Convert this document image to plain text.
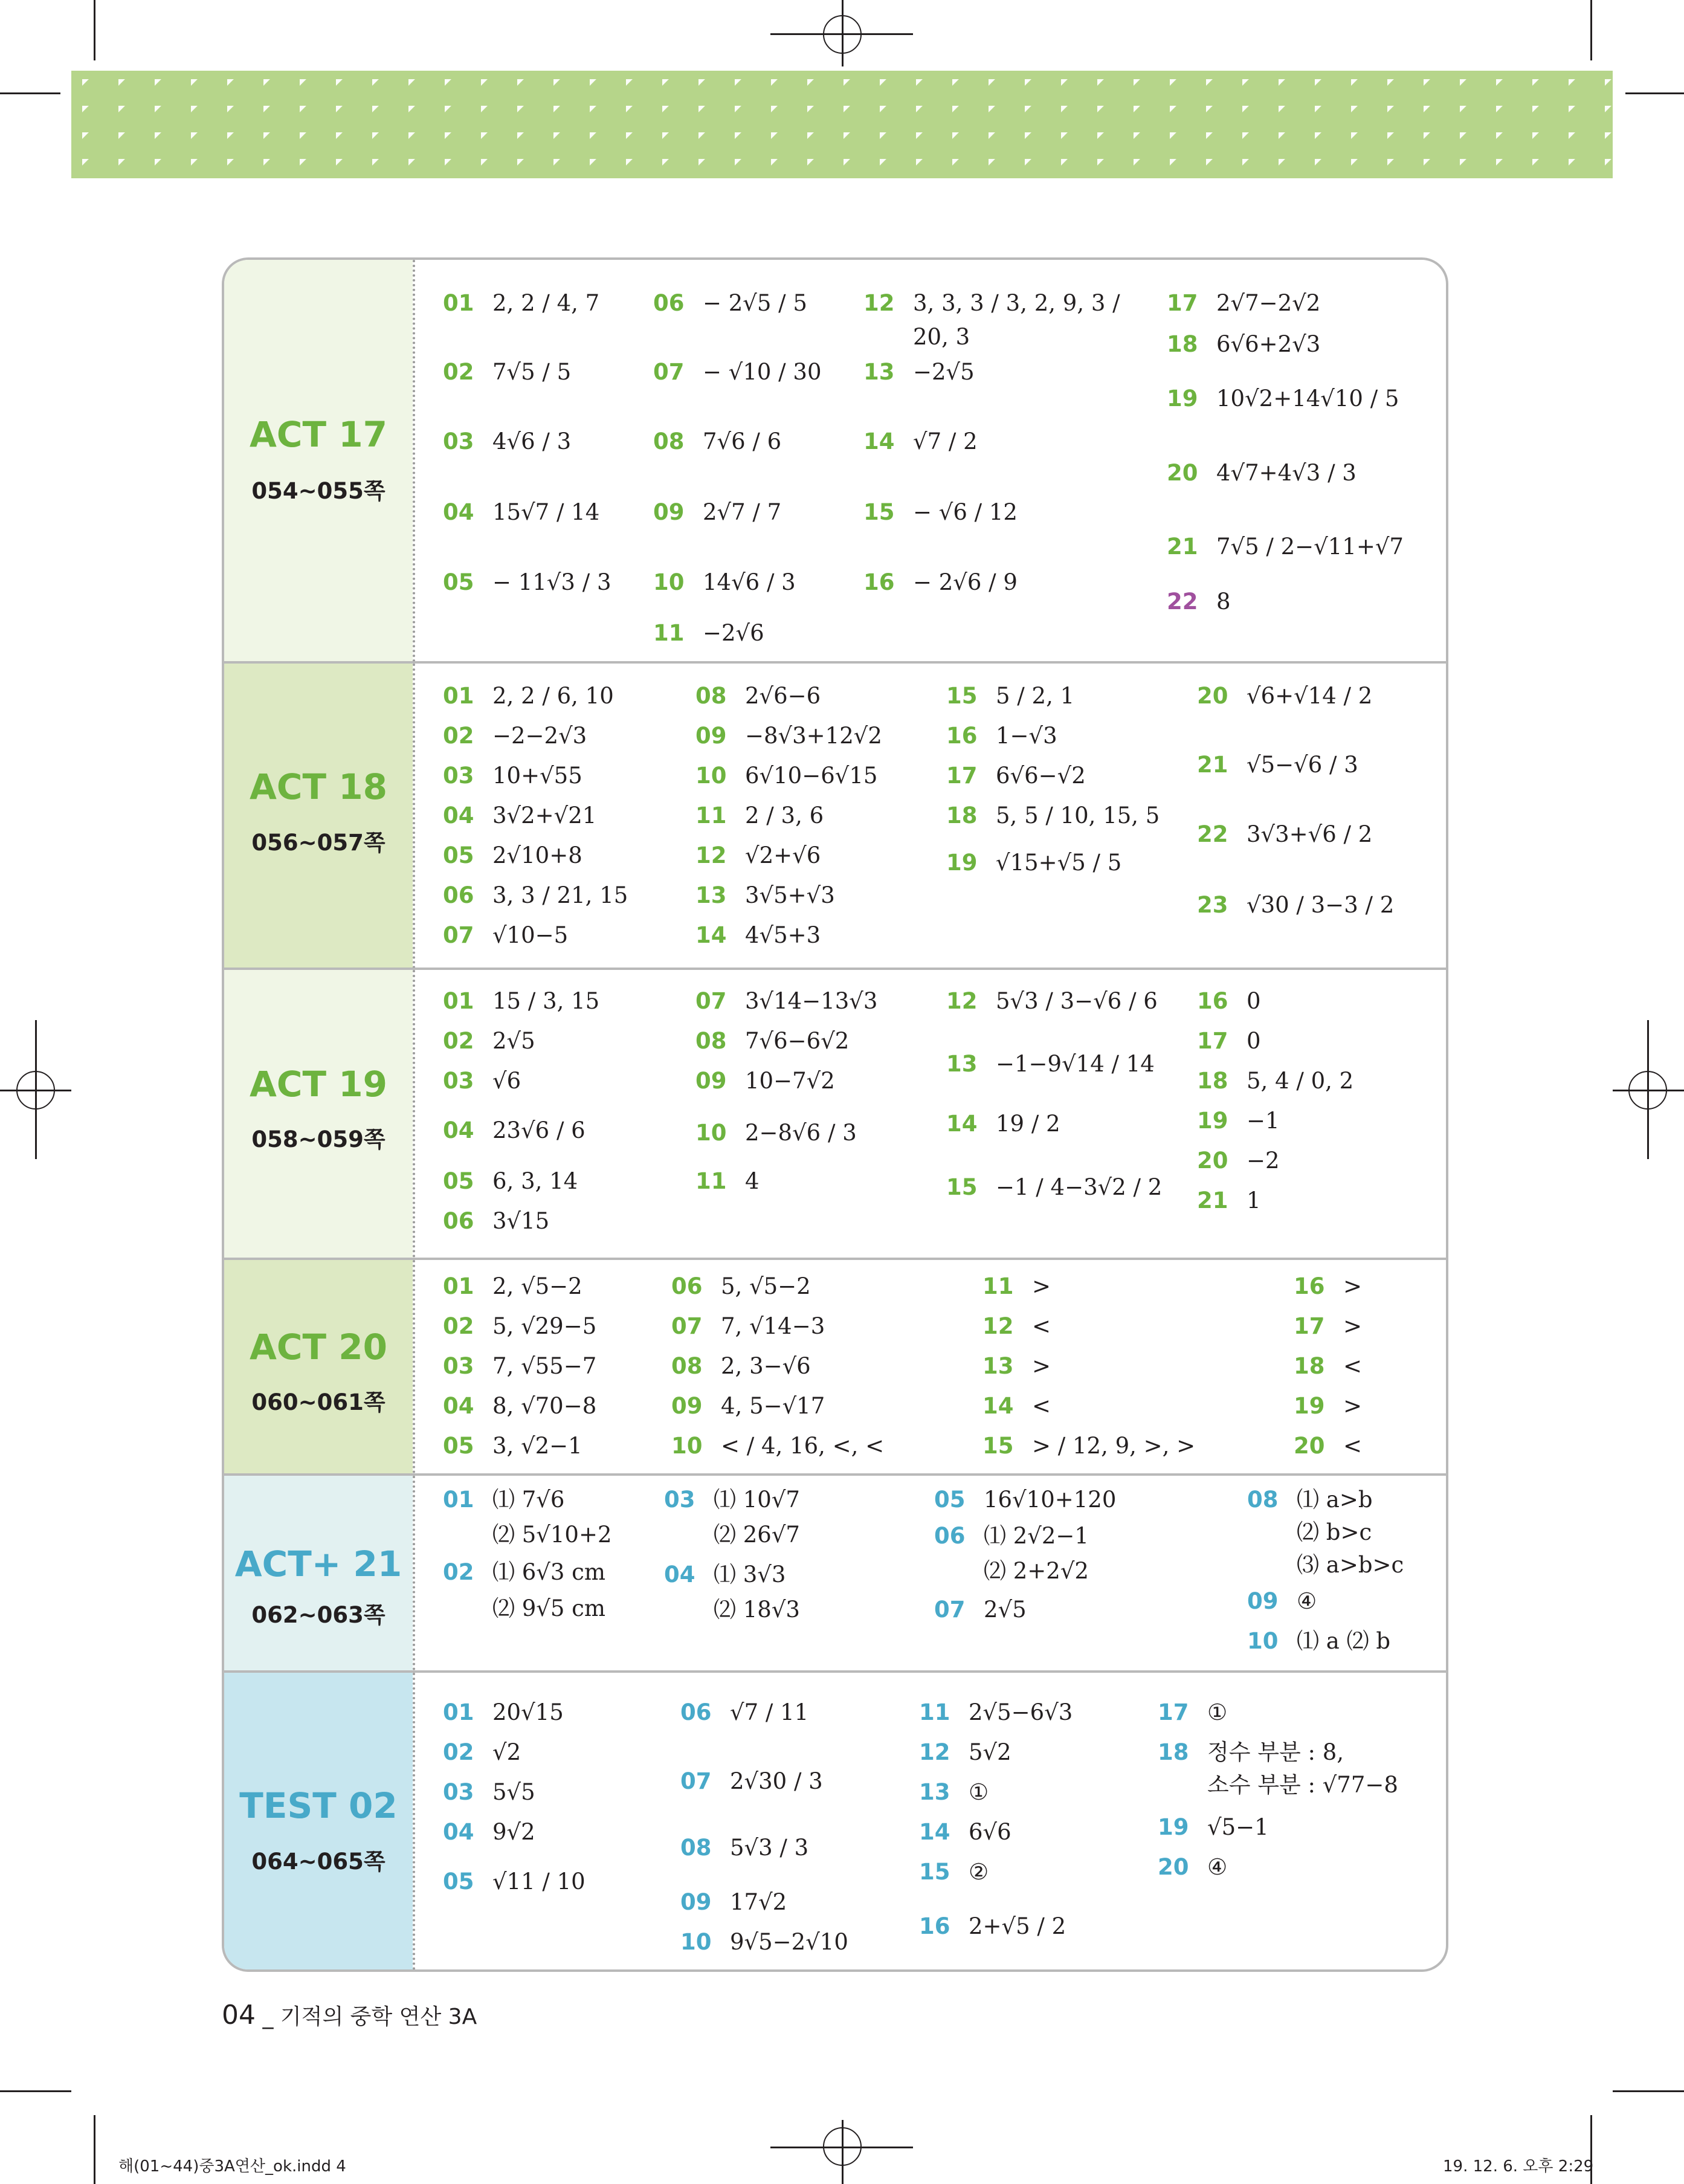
ACT 17
054~055쪽
01 2, 2 / 4, 7
02 7√5 / 5
03 4√6 / 3
04 15√7 / 14
05 − 11√3 / 3
06 − 2√5 / 5
07 − √10 / 30
08 7√6 / 6
09 2√7 / 7
10 14√6 / 3
11 −2√6
12 3, 3, 3 / 3, 2, 9, 3 /
20, 3
13 −2√5
14 √7 / 2
15 − √6 / 12
16 − 2√6 / 9
17 2√7−2√2
18 6√6+2√3
19 10√2+14√10 / 5
20 4√7+4√3 / 3
21 7√5 / 2−√11+√7
22 8
ACT 18
056~057쪽
01 2, 2 / 6, 10
02 −2−2√3
03 10+√55
04 3√2+√21
05 2√10+8
06 3, 3 / 21, 15
07 √10−5
08 2√6−6
09 −8√3+12√2
10 6√10−6√15
11 2 / 3, 6
12 √2+√6
13 3√5+√3
14 4√5+3
15 5 / 2, 1
16 1−√3
17 6√6−√2
18 5, 5 / 10, 15, 5
19 √15+√5 / 5
20 √6+√14 / 2
21 √5−√6 / 3
22 3√3+√6 / 2
23 √30 / 3−3 / 2
ACT 19
058~059쪽
01 15 / 3, 15
02 2√5
03 √6
04 23√6 / 6
05 6, 3, 14
06 3√15
07 3√14−13√3
08 7√6−6√2
09 10−7√2
10 2−8√6 / 3
11 4
12 5√3 / 3−√6 / 6
13 −1−9√14 / 14
14 19 / 2
15 −1 / 4−3√2 / 2
16 0
17 0
18 5, 4 / 0, 2
19 −1
20 −2
21 1
ACT 20
060~061쪽
01 2, √5−2
02 5, √29−5
03 7, √55−7
04 8, √70−8
05 3, √2−1
06 5, √5−2
07 7, √14−3
08 2, 3−√6
09 4, 5−√17
10 < / 4, 16, <, <
11 >
12 <
13 >
14 <
15 > / 12, 9, >, >
16 >
17 >
18 <
19 >
20 <
ACT+ 21
062~063쪽
01 ⑴ 7√6
⑵ 5√10+2
02 ⑴ 6√3 cm
⑵ 9√5 cm
03 ⑴ 10√7
⑵ 26√7
04 ⑴ 3√3
⑵ 18√3
05 16√10+120
06 ⑴ 2√2−1
⑵ 2+2√2
07 2√5
08 ⑴ a>b
⑵ b>c
⑶ a>b>c
09 ④
10 ⑴ a ⑵ b
TEST 02
064~065쪽
01 20√15
02 √2
03 5√5
04 9√2
05 √11 / 10
06 √7 / 11
07 2√30 / 3
08 5√3 / 3
09 17√2
10 9√5−2√10
11 2√5−6√3
12 5√2
13 ①
14 6√6
15 ②
16 2+√5 / 2
17 ①
18 정수 부분 : 8,
소수 부분 : √77−8
19 √5−1
20 ④
04 _ 기적의 중학 연산 3A
해(01~44)중3A연산_ok.indd 4	19. 12. 6. 오후 2:29
